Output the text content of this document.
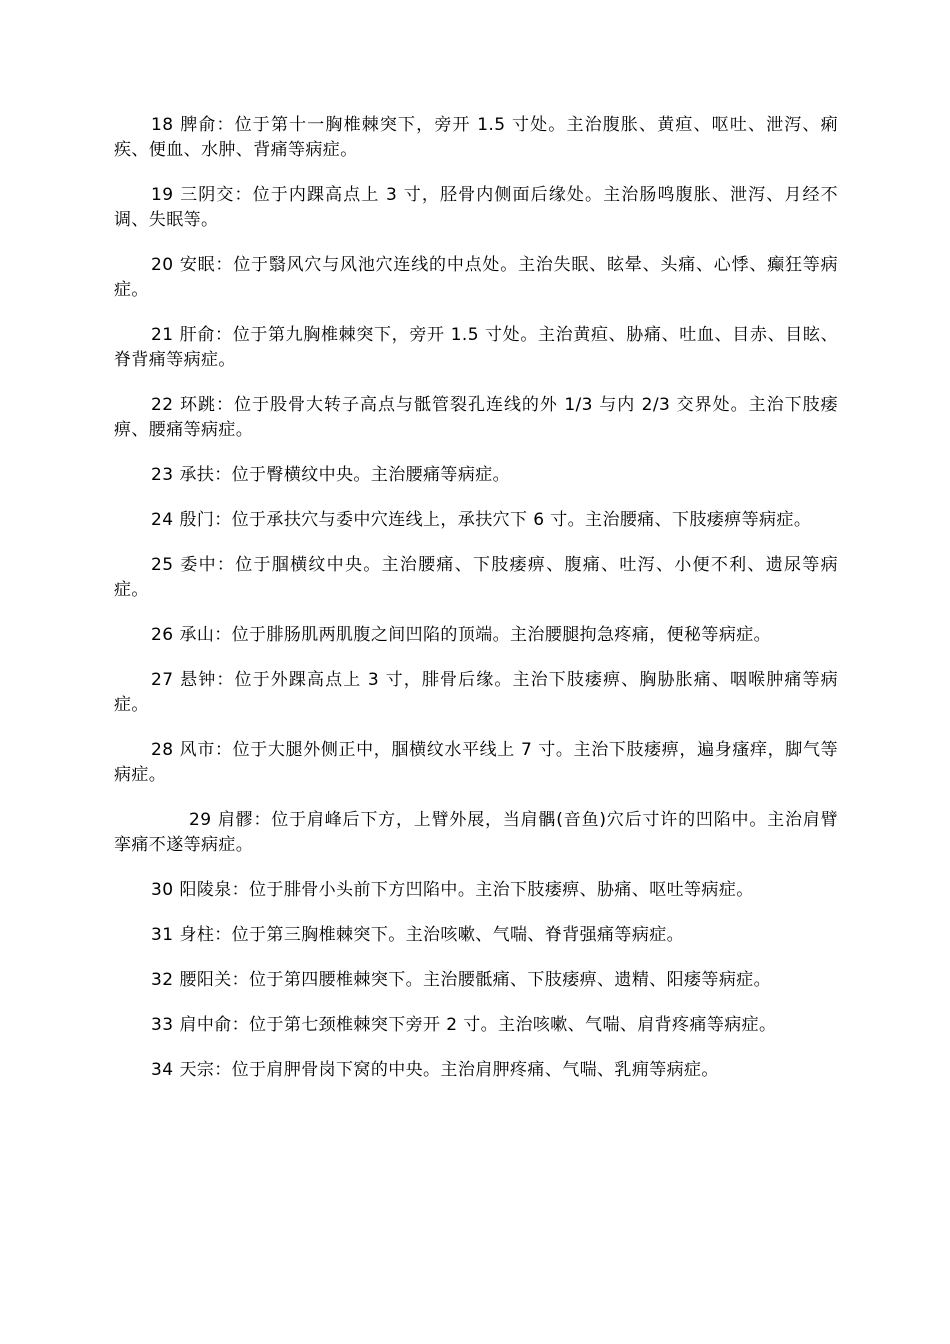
18 脾俞：位于第十一胸椎棘突下，旁开 1.5 寸处。主治腹胀、黄疸、呕吐、泄泻、痢疾、便血、水肿、背痛等病症。

19 三阴交：位于内踝高点上 3 寸，胫骨内侧面后缘处。主治肠鸣腹胀、泄泻、月经不调、失眠等。

20 安眠：位于翳风穴与风池穴连线的中点处。主治失眠、眩晕、头痛、心悸、癫狂等病症。

21 肝俞：位于第九胸椎棘突下，旁开 1.5 寸处。主治黄疸、胁痛、吐血、目赤、目眩、脊背痛等病症。

22 环跳：位于股骨大转子高点与骶管裂孔连线的外 1/3 与内 2/3 交界处。主治下肢痿痹、腰痛等病症。

23 承扶：位于臀横纹中央。主治腰痛等病症。

24 殷门：位于承扶穴与委中穴连线上，承扶穴下 6 寸。主治腰痛、下肢痿痹等病症。

25 委中：位于腘横纹中央。主治腰痛、下肢痿痹、腹痛、吐泻、小便不利、遗尿等病症。

26 承山：位于腓肠肌两肌腹之间凹陷的顶端。主治腰腿拘急疼痛，便秘等病症。

27 悬钟：位于外踝高点上 3 寸，腓骨后缘。主治下肢痿痹、胸胁胀痛、咽喉肿痛等病症。

28 风市：位于大腿外侧正中，腘横纹水平线上 7 寸。主治下肢痿痹，遍身瘙痒，脚气等病症。

29 肩髎：位于肩峰后下方，上臂外展，当肩髃(音鱼)穴后寸许的凹陷中。主治肩臂挛痛不遂等病症。

30 阳陵泉：位于腓骨小头前下方凹陷中。主治下肢痿痹、胁痛、呕吐等病症。

31 身柱：位于第三胸椎棘突下。主治咳嗽、气喘、脊背强痛等病症。

32 腰阳关：位于第四腰椎棘突下。主治腰骶痛、下肢痿痹、遗精、阳痿等病症。

33 肩中俞：位于第七颈椎棘突下旁开 2 寸。主治咳嗽、气喘、肩背疼痛等病症。

34 天宗：位于肩胛骨岗下窝的中央。主治肩胛疼痛、气喘、乳痈等病症。
